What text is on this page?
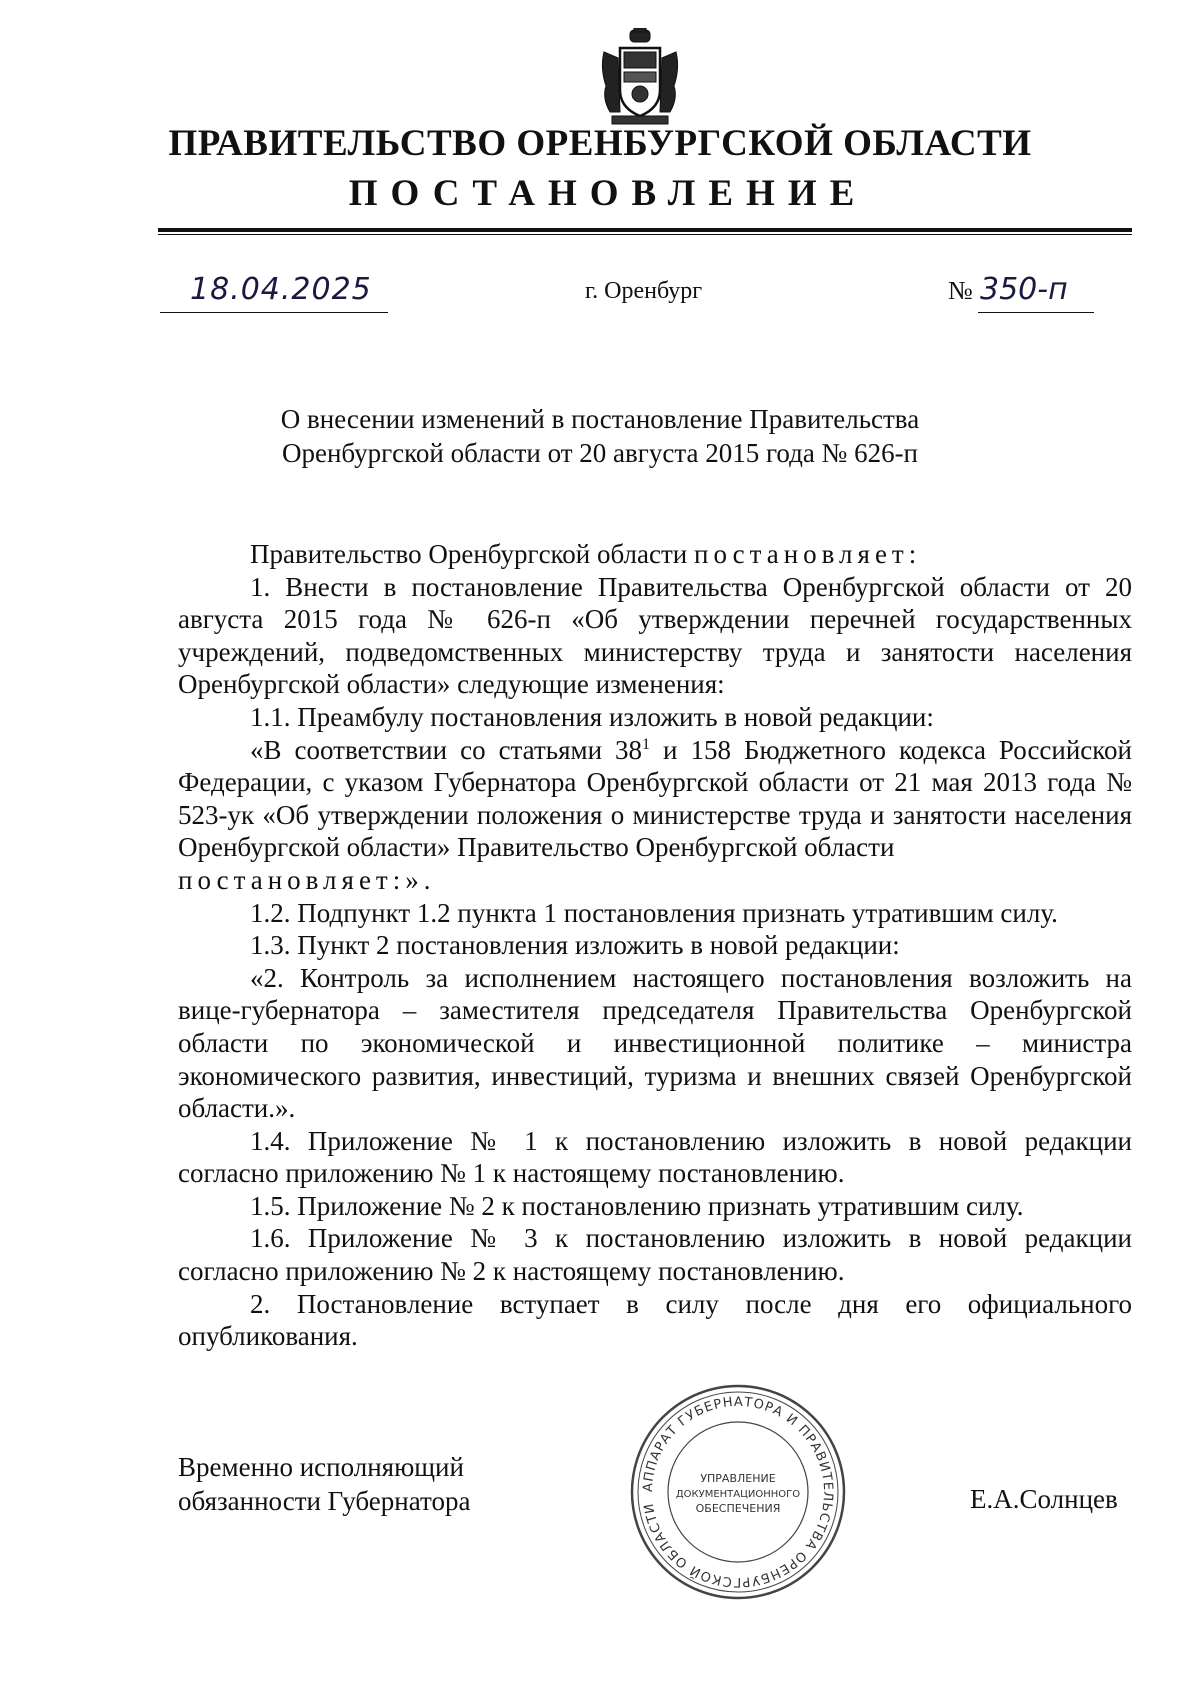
ПРАВИТЕЛЬСТВО ОРЕНБУРГСКОЙ ОБЛАСТИ
ПОСТАНОВЛЕНИЕ
18.04.2025	г. Оренбург	№ 350-п

О внесении изменений в постановление Правительства

Оренбургской области от 20 августа 2015 года № 626-п

Правительство Оренбургской области постановляет:

1. Внести в постановление Правительства Оренбургской области от 20 августа 2015 года № 626-п «Об утверждении перечней государственных учреждений, подведомственных министерству труда и занятости населения Оренбургской области» следующие изменения:

1.1. Преамбулу постановления изложить в новой редакции:

«В соответствии со статьями $38^1$ и 158 Бюджетного кодекса Российской Федерации, с указом Губернатора Оренбургской области от 21 мая 2013 года № 523-ук «Об утверждении положения о министерстве труда и занятости населения Оренбургской области» Правительство Оренбургской области

постановляет:».

1.2. Подпункт 1.2 пункта 1 постановления признать утратившим силу.

1.3. Пункт 2 постановления изложить в новой редакции:

«2. Контроль за исполнением настоящего постановления возложить на вице-губернатора – заместителя председателя Правительства Оренбургской области по экономической и инвестиционной политике – министра экономического развития, инвестиций, туризма и внешних связей Оренбургской области.».

1.4. Приложение № 1 к постановлению изложить в новой редакции согласно приложению № 1 к настоящему постановлению.

1.5. Приложение № 2 к постановлению признать утратившим силу.

1.6. Приложение № 3 к постановлению изложить в новой редакции согласно приложению № 2 к настоящему постановлению.

2. Постановление вступает в силу после дня его официального опубликования.

Временно исполняющий

обязанности Губернатора	Е.А.Солнцев
АППАРАТ ГУБЕРНАТОРА И ПРАВИТЕЛЬСТВА ОРЕНБУРГСКОЙ ОБЛАСТИ
УПРАВЛЕНИЕ
ДОКУМЕНТАЦИОННОГО
ОБЕСПЕЧЕНИЯ
